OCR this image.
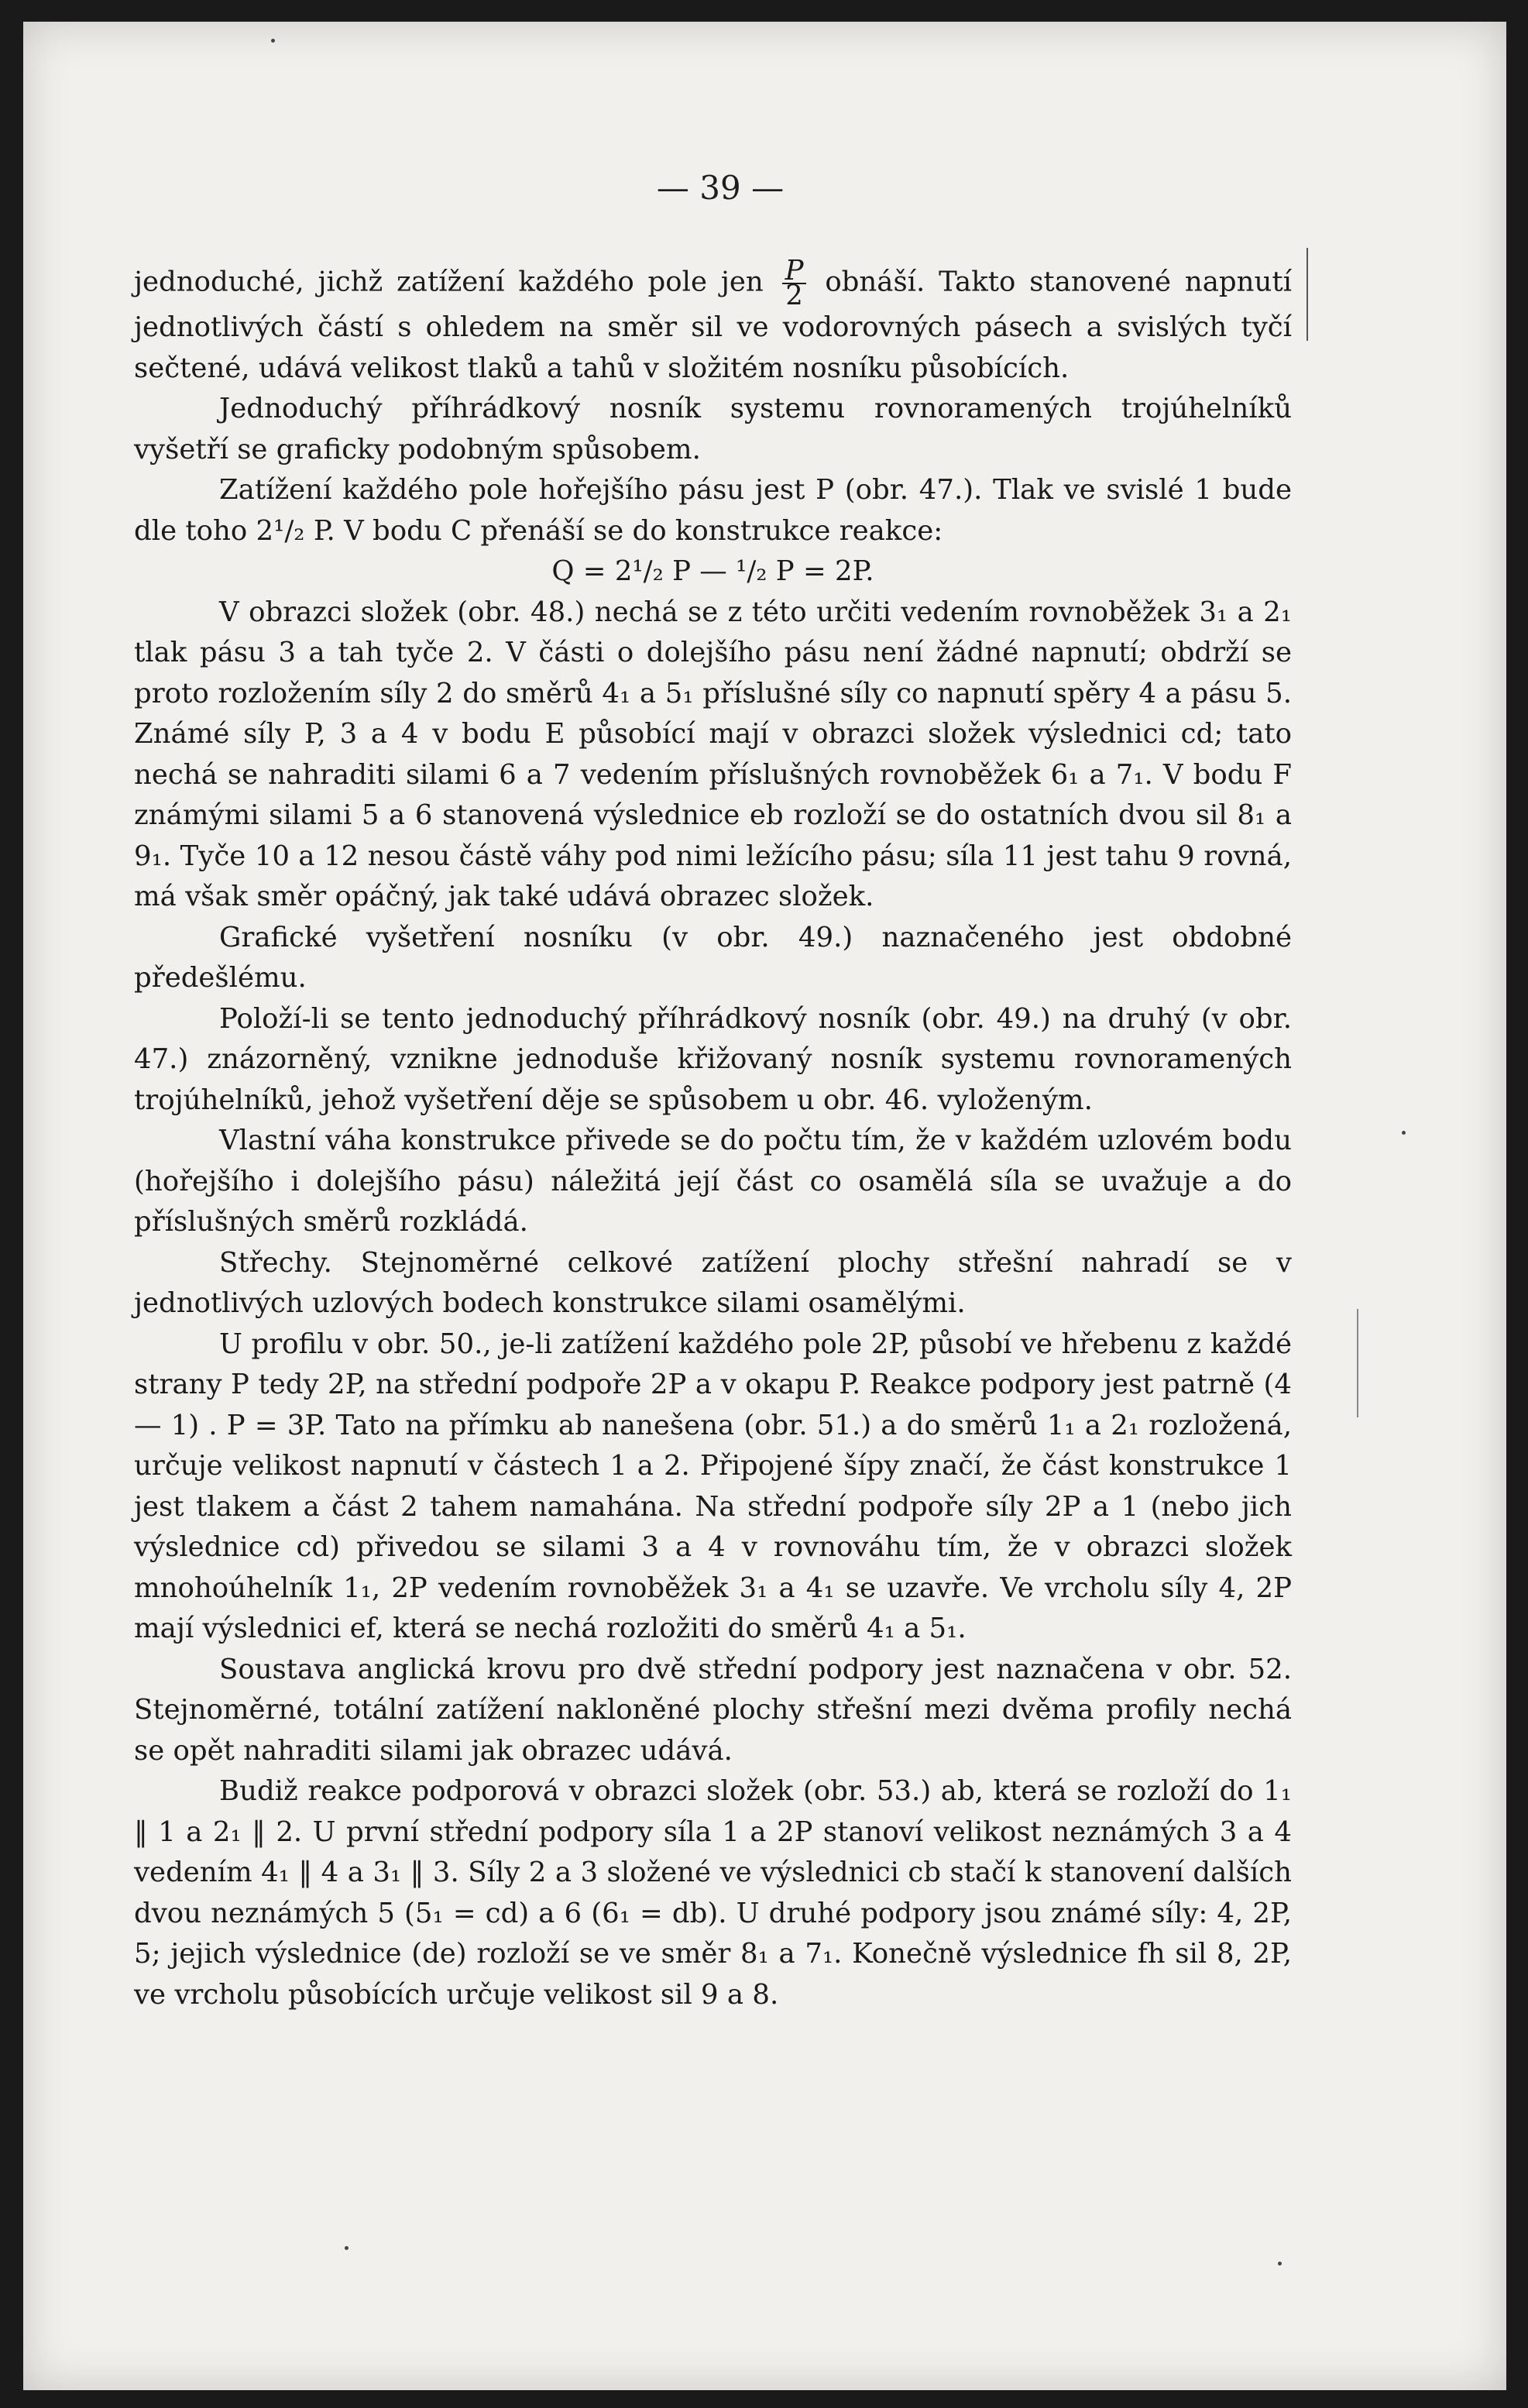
— 39 —

jednoduché, jichž zatížení každého pole jen $\frac{P}{2}$ obnáší. Takto stanovené napnutí jednotlivých částí s ohledem na směr sil ve vodorovných pásech a svislých tyčí sečtené, udává velikost tlaků a tahů v složitém nosníku působících.

Jednoduchý příhrádkový nosník systemu rovnoramených trojúhelníků vyšetří se graficky podobným spůsobem.

Zatížení každého pole hořejšího pásu jest P (obr. 47.). Tlak ve svislé 1 bude dle toho 2¹/₂ P. V bodu C přenáší se do konstrukce reakce:

Q = 2¹/₂ P — ¹/₂ P = 2P.

V obrazci složek (obr. 48.) nechá se z této určiti vedením rovnoběžek 3₁ a 2₁ tlak pásu 3 a tah tyče 2. V části o dolejšího pásu není žádné napnutí; obdrží se proto rozložením síly 2 do směrů 4₁ a 5₁ příslušné síly co napnutí spěry 4 a pásu 5. Známé síly P, 3 a 4 v bodu E působící mají v obrazci složek výslednici cd; tato nechá se nahraditi silami 6 a 7 vedením příslušných rovnoběžek 6₁ a 7₁. V bodu F známými silami 5 a 6 stanovená výslednice eb rozloží se do ostatních dvou sil 8₁ a 9₁. Tyče 10 a 12 nesou částě váhy pod nimi ležícího pásu; síla 11 jest tahu 9 rovná, má však směr opáčný, jak také udává obrazec složek.

Grafické vyšetření nosníku (v obr. 49.) naznačeného jest obdobné předešlému.

Položí-li se tento jednoduchý příhrádkový nosník (obr. 49.) na druhý (v obr. 47.) znázorněný, vznikne jednoduše křižovaný nosník systemu rovnoramených trojúhelníků, jehož vyšetření děje se spůsobem u obr. 46. vyloženým.

Vlastní váha konstrukce přivede se do počtu tím, že v každém uzlovém bodu (hořejšího i dolejšího pásu) náležitá její část co osamělá síla se uvažuje a do příslušných směrů rozkládá.

Střechy. Stejnoměrné celkové zatížení plochy střešní nahradí se v jednotlivých uzlových bodech konstrukce silami osamělými.

U profilu v obr. 50., je-li zatížení každého pole 2P, působí ve hřebenu z každé strany P tedy 2P, na střední podpoře 2P a v okapu P. Reakce podpory jest patrně (4 — 1) . P = 3P. Tato na přímku ab nanešena (obr. 51.) a do směrů 1₁ a 2₁ rozložená, určuje velikost napnutí v částech 1 a 2. Připojené šípy značí, že část konstrukce 1 jest tlakem a část 2 tahem namahána. Na střední podpoře síly 2P a 1 (nebo jich výslednice cd) přivedou se silami 3 a 4 v rovnováhu tím, že v obrazci složek mnohoúhelník 1₁, 2P vedením rovnoběžek 3₁ a 4₁ se uzavře. Ve vrcholu síly 4, 2P mají výslednici ef, která se nechá rozložiti do směrů 4₁ a 5₁.

Soustava anglická krovu pro dvě střední podpory jest naznačena v obr. 52. Stejnoměrné, totální zatížení nakloněné plochy střešní mezi dvěma profily nechá se opět nahraditi silami jak obrazec udává.

Budiž reakce podporová v obrazci složek (obr. 53.) ab, která se rozloží do 1₁ ‖ 1 a 2₁ ‖ 2. U první střední podpory síla 1 a 2P stanoví velikost neznámých 3 a 4 vedením 4₁ ‖ 4 a 3₁ ‖ 3. Síly 2 a 3 složené ve výslednici cb stačí k stanovení dalších dvou neznámých 5 (5₁ = cd) a 6 (6₁ = db). U druhé podpory jsou známé síly: 4, 2P, 5; jejich výslednice (de) rozloží se ve směr 8₁ a 7₁. Konečně výslednice fh sil 8, 2P, ve vrcholu působících určuje velikost sil 9 a 8.
